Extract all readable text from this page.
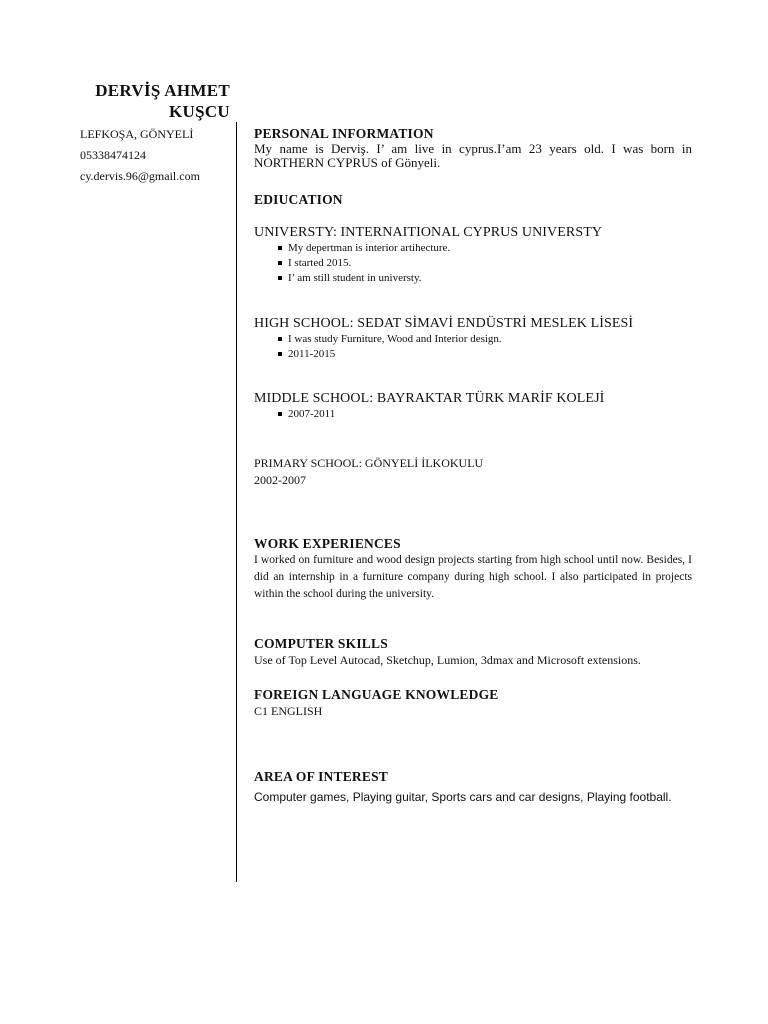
DERVİŞ AHMET
KUŞCU
LEFKOŞA, GÖNYELİ
05338474124
cy.dervis.96@gmail.com
PERSONAL INFORMATION
My name is Derviş. I’ am live in cyprus.I’am 23 years old. I was born in NORTHERN CYPRUS of Gönyeli.
EDIUCATION
UNIVERSTY: INTERNAITIONAL CYPRUS UNIVERSTY
My depertman is interior artihecture.
I started 2015.
I’ am still student in universty.
HIGH SCHOOL: SEDAT SİMAVİ ENDÜSTRİ MESLEK LİSESİ
I was study Furniture, Wood and Interior design.
2011-2015
MIDDLE SCHOOL: BAYRAKTAR TÜRK MARİF KOLEJİ
2007-2011
PRIMARY SCHOOL: GÖNYELİ İLKOKULU
2002-2007
WORK EXPERIENCES
I worked on furniture and wood design projects starting from high school until now. Besides, I did an internship in a furniture company during high school. I also participated in projects within the school during the university.
COMPUTER SKILLS
Use of Top Level Autocad, Sketchup, Lumion, 3dmax and Microsoft extensions.
FOREIGN LANGUAGE KNOWLEDGE
C1 ENGLISH
AREA OF INTEREST
Computer games, Playing guitar, Sports cars and car designs, Playing football.
